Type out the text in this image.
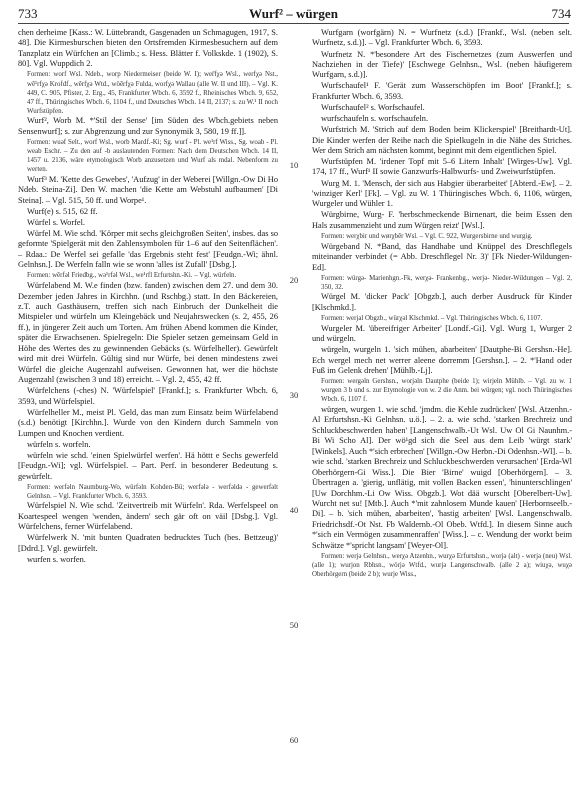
733	Wurf² – würgen	734

chen derheime [Kass.: W. Lüttebrandt, Gasgenaden un Schmagugen, 1917, S. 48]. Die Kirmesburschen bieten den Ortsfremden Kirmesbesuchern auf dem Tanzplatz ein Würfchen an [Climb.; s. Hess. Blätter f. Volkskde. 1 (1902), S. 80]. Vgl. Wuppdich 2.

Formen: worf Wsl. Ndeb., worp Niedermeiser (beide W. I); wer̄fχə Wsl., werfχə Nst., wē¹rfχə Krofdf., wērfχə Wtd., wöērfχə Fulda, worfχə Wallau (alle W. II und III). – Vgl. K. 449, C. 905, Pfister, 2. Erg., 45, Frankfurter Wbch. 6, 3592 f., Rheinisches Wbch. 9, 652, 47 ff., Thüringisches Wbch. 6, 1104 f., und Deutsches Wbch. 14 II, 2137; s. zu W.¹ II noch Wurfstüpfen.

Wurf², Worb M. *'Stil der Sense' [im Süden des Wbch.gebiets neben Sensenwurf]; s. zur Abgrenzung und zur Synonymik 3, 580, 19 ff.]].

Formen: wuəf Selt., worf Wsl., worb Mardf.-Ki; Sg. wurf - Pl. we¹rf Wiss., Sg. woab - Pl. weab Eschr. – Zu den auf -b auslautenden Formen: Nach dem Deutschen Wbch. 14 II, 1457 u. 2136, wäre etymologisch Worb anzusetzen und Wurf als mdal. Nebenform zu werten.

Wurf³ M. 'Kette des Gewebes', 'Aufzug' in der Weberei [Willgn.-Ow Di Ho Ndeb. Steina-Zi]. Den W. machen 'die Kette am Webstuhl aufbaumen' [Di Steina]. – Vgl. 515, 50 ff. und Worpe¹.

Wurf(e) s. 515, 62 ff.

Würfel s. Worfel.

Würfel M. Wie schd. 'Körper mit sechs gleichgroßen Seiten', insbes. das so geformte 'Spielgerät mit den Zahlensymbolen für 1–6 auf den Seitenflächen'. – Rdaa.: De Werfel sei gefalle 'das Ergebnis steht fest' [Feudgn.-Wi; ähnl. Gelnhsn.]. De Werfeln falln wie se wonn 'alles ist Zufall' [Dsbg.].

Formen: wĕrfəl Friedbg., wə¹rfəl Wsl., we¹rfl Erfurtshn.-Ki. – Vgl. würfeln.

Würfelabend M. W.e finden (bzw. fanden) zwischen dem 27. und dem 30. Dezember jeden Jahres in Kirchhn. (und Rschbg.) statt. In den Bäckereien, z.T. auch Gasthäusern, treffen sich nach Einbruch der Dunkelheit die Mitspieler und würfeln um Kleingebäck und Neujahrswecken (s. 2, 455, 26 ff.), in jüngerer Zeit auch um Torten. Am frühen Abend kommen die Kinder, später die Erwachsenen. Spielregeln: Die Spieler setzen gemeinsam Geld in Höhe des Wertes des zu gewinnenden Gebäcks (s. Würfelheller). Gewürfelt wird mit drei Würfeln. Gültig sind nur Würfe, bei denen mindestens zwei Würfel die gleiche Augenzahl aufweisen. Gewonnen hat, wer die höchste Augenzahl (zwischen 3 und 18) erreicht. – Vgl. 2, 455, 42 ff.

Würfelchens (-ches) N. 'Würfelspiel' [Frankf.]; s. Frankfurter Wbch. 6, 3593, und Würfelspiel.

Würfelheller M., meist Pl. 'Geld, das man zum Einsatz beim Würfelabend (s.d.) benötigt [Kirchhn.]. Wurde von den Kindern durch Sammeln von Lumpen und Knochen verdient.

würfeln s. worfeln.

würfeln wie schd. 'einen Spielwürfel werfen'. Hä höttt e Sechs gewerfeld [Feudgn.-Wi]; vgl. Würfelspiel. – Part. Perf. in besonderer Bedeutung s. gewürfelt.

Formen: werfəln Naumburg-Wo, würfəln Kohden-Bü; werfələ - werfəldə - gewerfəlt Gelnhsn. – Vgl. Frankfurter Wbch. 6, 3593.

Würfelspiel N. Wie schd. 'Zeitvertreib mit Würfeln'. Rda. Werfelspeel on Koartespeel wengen 'wenden, ändern' sech gär oft on väil [Dsbg.]. Vgl. Würfelchens, ferner Würfelabend.

Würfelwerk N. 'mit bunten Quadraten bedrucktes Tuch (bes. Bettzeug)' [Ddrd.]. Vgl. gewürfelt.

wurfen s. worfen.

Wurfgarn (worfgärn) N. = Wurfnetz (s.d.) [Frankf., Wsl. (neben selt. Wurfnetz, s.d.)]. – Vgl. Frankfurter Wbch. 6, 3593.

Wurfnetz N. *'besondere Art des Fischernetzes (zum Auswerfen und Nachziehen in der Tiefe)' [Eschwege Gelnhsn., Wsl. (neben häufigerem Wurfgarn, s.d.)].

Wurfschaufel¹ F. 'Gerät zum Wasserschöpfen im Boot' [Frankf.]; s. Frankfurter Wbch. 6, 3593.

Wurfschaufel² s. Worfschaufel.

wurfschaufeln s. worfschaufeln.

Wurfstrich M. 'Strich auf dem Boden beim Klickerspiel' [Breithardt-Ut]. Die Kinder werfen der Reihe nach die Spielkugeln in die Nähe des Striches. Wer dem Strich am nächsten kommt, beginnt mit dem eigentlichen Spiel.

Wurfstüpfen M. 'irdener Topf mit 5–6 Litern Inhalt' [Wirges-Uw]. Vgl. 174, 17 ff., Wurf¹ II sowie Ganzwurfs-Halbwurfs- und Zweiwurfstüpfen.

Wurg M. 1. 'Mensch, der sich aus Habgier überarbeitet' [Abterd.-Ew]. – 2. 'winziger Kerl' [Fk]. – Vgl. zu W. 1 Thüringisches Wbch. 6, 1106, würgen, Wurgeler und Wühler 1.

Würgbirne, Wurg- F. 'herbschmeckende Birnenart, die beim Essen den Hals zusammenzieht und zum Würgen reizt' [Wsl.].

Formen: werχbir und wørχbēr Wsl. – Vgl. C. 922, Wurgersbirne und wurgig.

Würgeband N. *Band, das Handhabe und Knüppel des Dreschflegels miteinander verbindet (= Abb. Dreschflegel Nr. 3)' [Fk Nieder-Wildungen-Ed].

Formen: würgə- Marienhgn.-Fk, werχə- Frankenbg., werjə- Nieder-Wildungen – Vgl. 2, 350, 32.

Würgel M. 'dicker Pack' [Obgzb.], auch derber Ausdruck für Kinder [Klschmkd.].

Formen: werjal Obgzb., würχəl Klschmkd. – Vgl. Thüringisches Wbch. 6, 1107.

Wurgeler M. 'übereifriger Arbeiter' [Londf.-Gi]. Vgl. Wurg 1, Wurger 2 und würgeln.

würgeln, wurgeln 1. 'sich mühen, abarbeiten' [Dautphe-Bi Gershsn.-He]. Ech wergel mech net werrer aleene dorremm [Gershsn.]. – 2. *'Hand oder Fuß im Gelenk drehen' [Mühlb.-Lj].

Formen: wergəln Gershsn., worjəln Dautphe (beide 1); wirjeln Mühlb. – Vgl. zu w. 1 wurgen 3 b und s. zur Etymologie von w. 2 die Anm. bei würgen; vgl. noch Thüringisches Wbch. 6, 1107 f.

würgen, wurgen 1. wie schd. 'jmdm. die Kehle zudrücken' [Wsl. Atzenhn.-Al Erfurtshsn.-Ki Gelnhsn. u.ö.]. – 2. a. wie schd. 'starken Brechreiz und Schluckbeschwerden haben' [Langenschwalb.-Ut Wsl. Uw Ol Gi Naunhm.-Bi Wi Scho Al]. Der wö¹gd sich die Seel aus dem Leib 'würgt stark' [Winkels]. Auch *'sich erbrechen' [Willgn.-Ow Herbn.-Di Odenhsn.-Wl]. – b. wie schd. 'starken Brechreiz und Schluckbeschwerden verursachen' [Erda-Wl Oberhörgern-Gi Wiss.]. Die Bier 'Birne' wuigd [Oberhörgern]. – 3. Übertragen a. 'gierig, unflätig, mit vollen Backen essen', 'hinunterschlingen' [Uw Dorchhm.-Li Ow Wiss. Obgzb.]. Wot dää wurscht [Oberelbert-Uw]. Wurcht net su! [Mtb.]. Auch *'mit zahnlosem Munde kauen' [Herbornseelb.-Di]. – b. 'sich mühen, abarbeiten', 'hastig arbeiten' [Wsl. Langenschwalb. Friedrichsdf.-Ot Nst. Fb Waldernb.-Ol Obeb. Wtfd.]. In diesem Sinne auch *'sich ein Vermögen zusammenraffen' [Wiss.]. – c. Wendung der workt beim Schwätze *'spricht langsam' [Weyer-Ol].

Formen: werjə Gelnhsn., werχə Atzenhn., wurχə Erfurtshsn., worjə (alt) - werjə (neu) Wsl. (alle 1); wurjon Rbhsn., wörjə Wtfd., wurjə Langenschwalb. (alle 2 a); wiuχə, wuχə Oberhörgern (beide 2 b); wurje Wiss.,

10
20
30
40
50
60
